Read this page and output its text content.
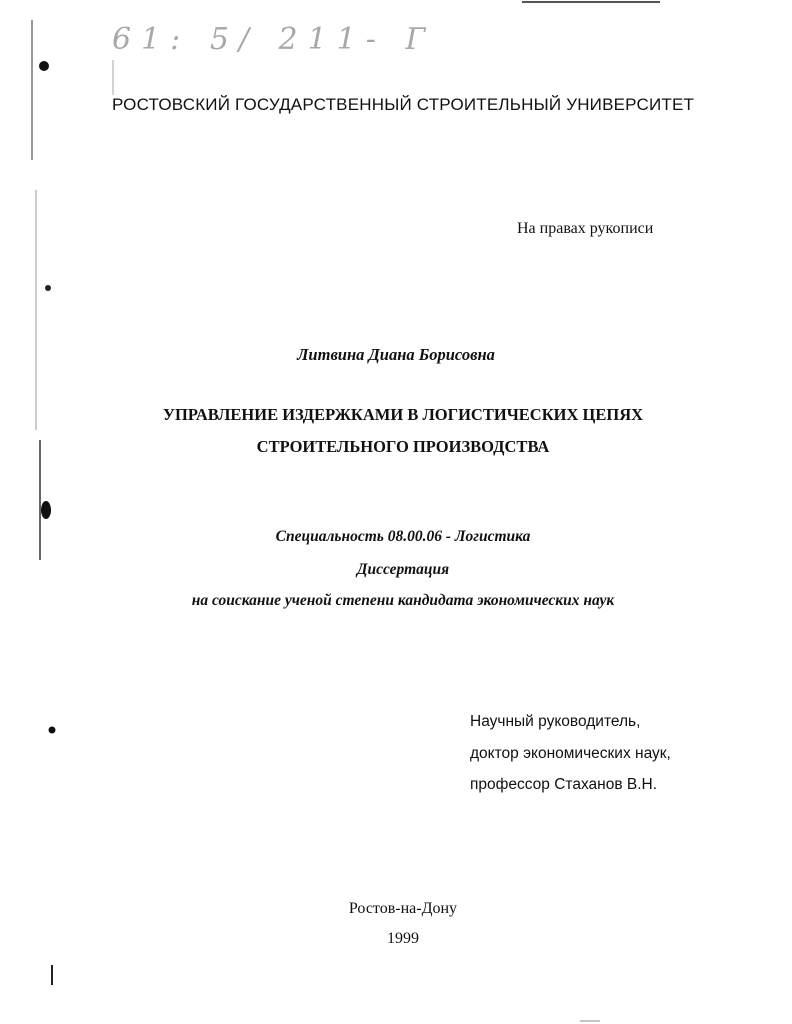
61: 5/ 211- Г
РОСТОВСКИЙ ГОСУДАРСТВЕННЫЙ СТРОИТЕЛЬНЫЙ УНИВЕРСИТЕТ
На правах рукописи
Литвина Диана Борисовна
УПРАВЛЕНИЕ ИЗДЕРЖКАМИ В ЛОГИСТИЧЕСКИХ ЦЕПЯХ
СТРОИТЕЛЬНОГО ПРОИЗВОДСТВА
Специальность 08.00.06 - Логистика
Диссертация
на соискание ученой степени кандидата экономических наук
Научный руководитель,
доктор экономических наук,
профессор Стаханов В.Н.
Ростов-на-Дону
1999
